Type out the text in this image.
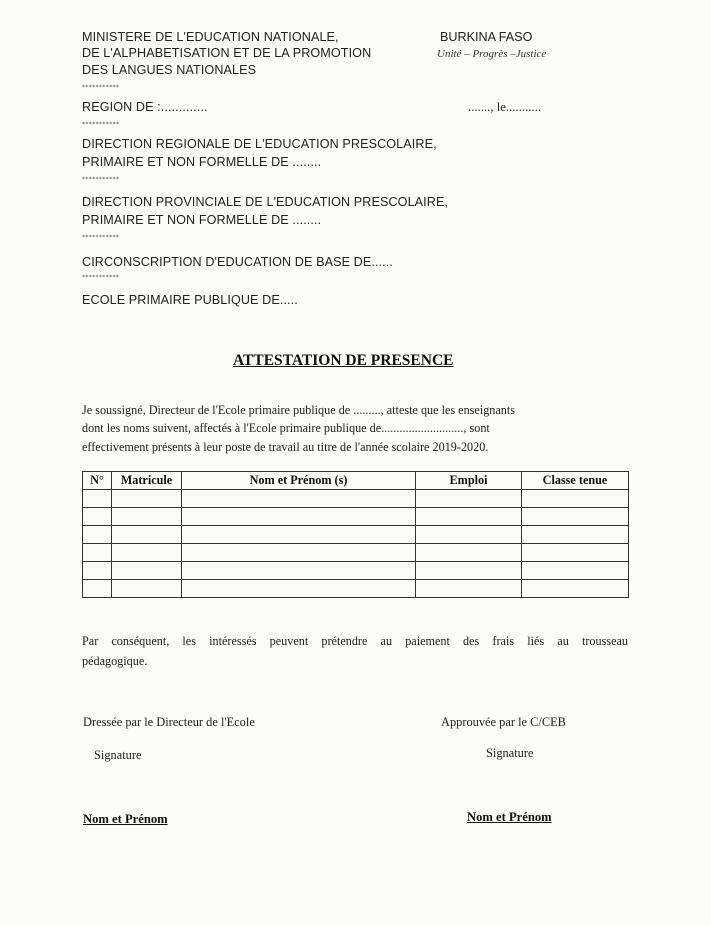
MINISTERE DE L'EDUCATION NATIONALE,
DE L'ALPHABETISATION ET DE LA PROMOTION
DES LANGUES NATIONALES
***********
REGION DE :.............
***********
DIRECTION REGIONALE DE L'EDUCATION PRESCOLAIRE,
PRIMAIRE ET NON FORMELLE DE ........
***********
DIRECTION PROVINCIALE DE L'EDUCATION PRESCOLAIRE,
PRIMAIRE ET NON FORMELLE DE ........
***********
CIRCONSCRIPTION D'EDUCATION DE BASE DE......
***********
ECOLE PRIMAIRE PUBLIQUE DE.....
BURKINA FASO
Unité – Progrès –Justice
......., le...........
ATTESTATION DE PRESENCE
Je soussigné, Directeur de l'Ecole primaire publique de ........., atteste que les enseignants
dont les noms suivent, affectés à l'Ecole primaire publique de..........................., sont
effectivement présents à leur poste de travail au titre de l'année scolaire 2019-2020.
N°	Matricule	Nom et Prénom (s)	Emploi	Classe tenue

Par conséquent, les intéressés peuvent prétendre au paiement des frais liés au trousseau
pédagogique.
Dressée par le Directeur de l'Ecole
Signature
Nom et Prénom
Approuvée par le C/CEB
Signature
Nom et Prénom
